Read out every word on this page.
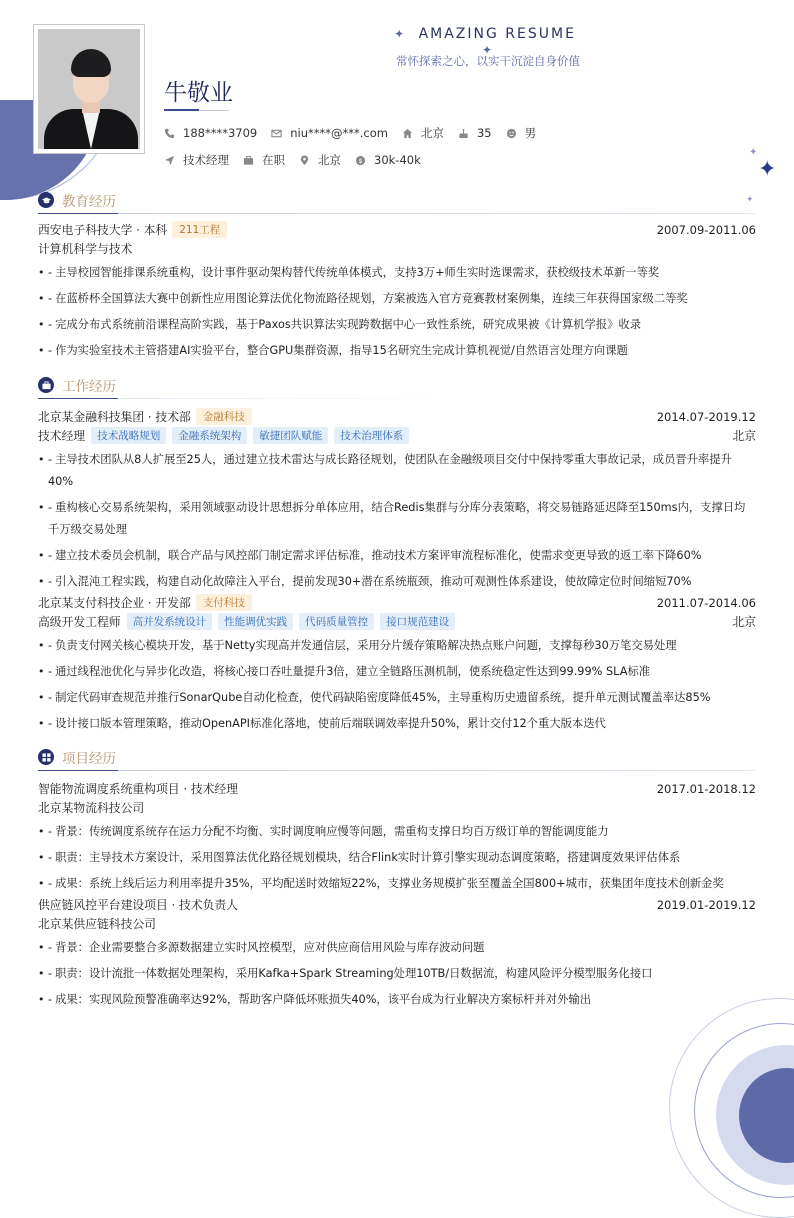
✦ AMAZING RESUME ✦
常怀探索之心，以实干沉淀自身价值
牛敬业
188****3709	niu****@***.com	北京	35	男
技术经理	在职	北京 $ 30k-40k
✦
✦
✦
教育经历
西安电子科技大学 · 本科	211工程	2007.09-2011.06
计算机科学与技术
• - 主导校园智能排课系统重构，设计事件驱动架构替代传统单体模式，支持3万+师生实时选课需求，获校级技术革新一等奖
• - 在蓝桥杯全国算法大赛中创新性应用图论算法优化物流路径规划，方案被选入官方竞赛教材案例集，连续三年获得国家级二等奖
• - 完成分布式系统前沿课程高阶实践，基于Paxos共识算法实现跨数据中心一致性系统，研究成果被《计算机学报》收录
• - 作为实验室技术主管搭建AI实验平台，整合GPU集群资源，指导15名研究生完成计算机视觉/自然语言处理方向课题
工作经历
北京某金融科技集团 · 技术部	金融科技	2014.07-2019.12
技术经理	技术战略规划	金融系统架构	敏捷团队赋能	技术治理体系	北京
• - 主导技术团队从8人扩展至25人，通过建立技术雷达与成长路径规划，使团队在金融级项目交付中保持零重大事故记录，成员晋升率提升40%
• - 重构核心交易系统架构，采用领域驱动设计思想拆分单体应用，结合Redis集群与分库分表策略，将交易链路延迟降至150ms内，支撑日均千万级交易处理
• - 建立技术委员会机制，联合产品与风控部门制定需求评估标准，推动技术方案评审流程标准化，使需求变更导致的返工率下降60%
• - 引入混沌工程实践，构建自动化故障注入平台，提前发现30+潜在系统瓶颈，推动可观测性体系建设，使故障定位时间缩短70%
北京某支付科技企业 · 开发部	支付科技	2011.07-2014.06
高级开发工程师	高并发系统设计	性能调优实践	代码质量管控	接口规范建设	北京
• - 负责支付网关核心模块开发，基于Netty实现高并发通信层，采用分片缓存策略解决热点账户问题，支撑每秒30万笔交易处理
• - 通过线程池优化与异步化改造，将核心接口吞吐量提升3倍，建立全链路压测机制，使系统稳定性达到99.99% SLA标准
• - 制定代码审查规范并推行SonarQube自动化检查，使代码缺陷密度降低45%，主导重构历史遗留系统，提升单元测试覆盖率达85%
• - 设计接口版本管理策略，推动OpenAPI标准化落地，使前后端联调效率提升50%，累计交付12个重大版本迭代
项目经历
智能物流调度系统重构项目 · 技术经理	2017.01-2018.12
北京某物流科技公司
• - 背景：传统调度系统存在运力分配不均衡、实时调度响应慢等问题，需重构支撑日均百万级订单的智能调度能力
• - 职责：主导技术方案设计，采用图算法优化路径规划模块，结合Flink实时计算引擎实现动态调度策略，搭建调度效果评估体系
• - 成果：系统上线后运力利用率提升35%，平均配送时效缩短22%，支撑业务规模扩张至覆盖全国800+城市，获集团年度技术创新金奖
供应链风控平台建设项目 · 技术负责人	2019.01-2019.12
北京某供应链科技公司
• - 背景：企业需要整合多源数据建立实时风控模型，应对供应商信用风险与库存波动问题
• - 职责：设计流批一体数据处理架构，采用Kafka+Spark Streaming处理10TB/日数据流，构建风险评分模型服务化接口
• - 成果：实现风险预警准确率达92%，帮助客户降低坏账损失40%，该平台成为行业解决方案标杆并对外输出
